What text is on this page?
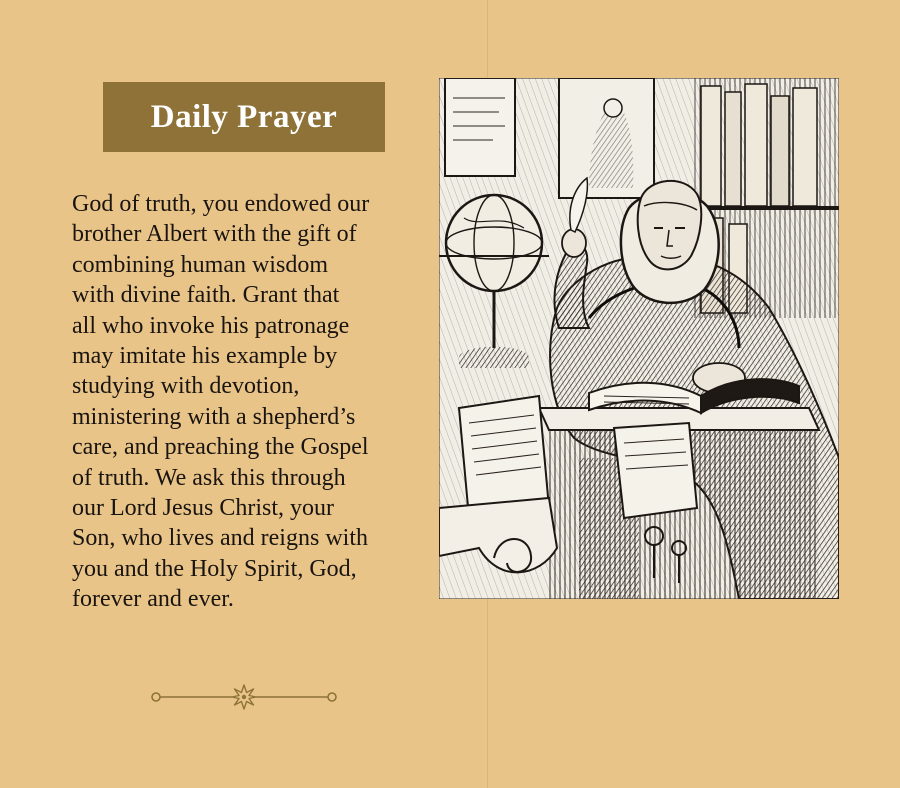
Daily Prayer
God of truth, you endowed our
brother Albert with the gift of
combining human wisdom
with divine faith. Grant that
all who invoke his patronage
may imitate his example by
studying with devotion,
ministering with a shepherd’s
care, and preaching the Gospel
of truth. We ask this through
our Lord Jesus Christ, your
Son, who lives and reigns with
you and the Holy Spirit, God,
forever and ever.
